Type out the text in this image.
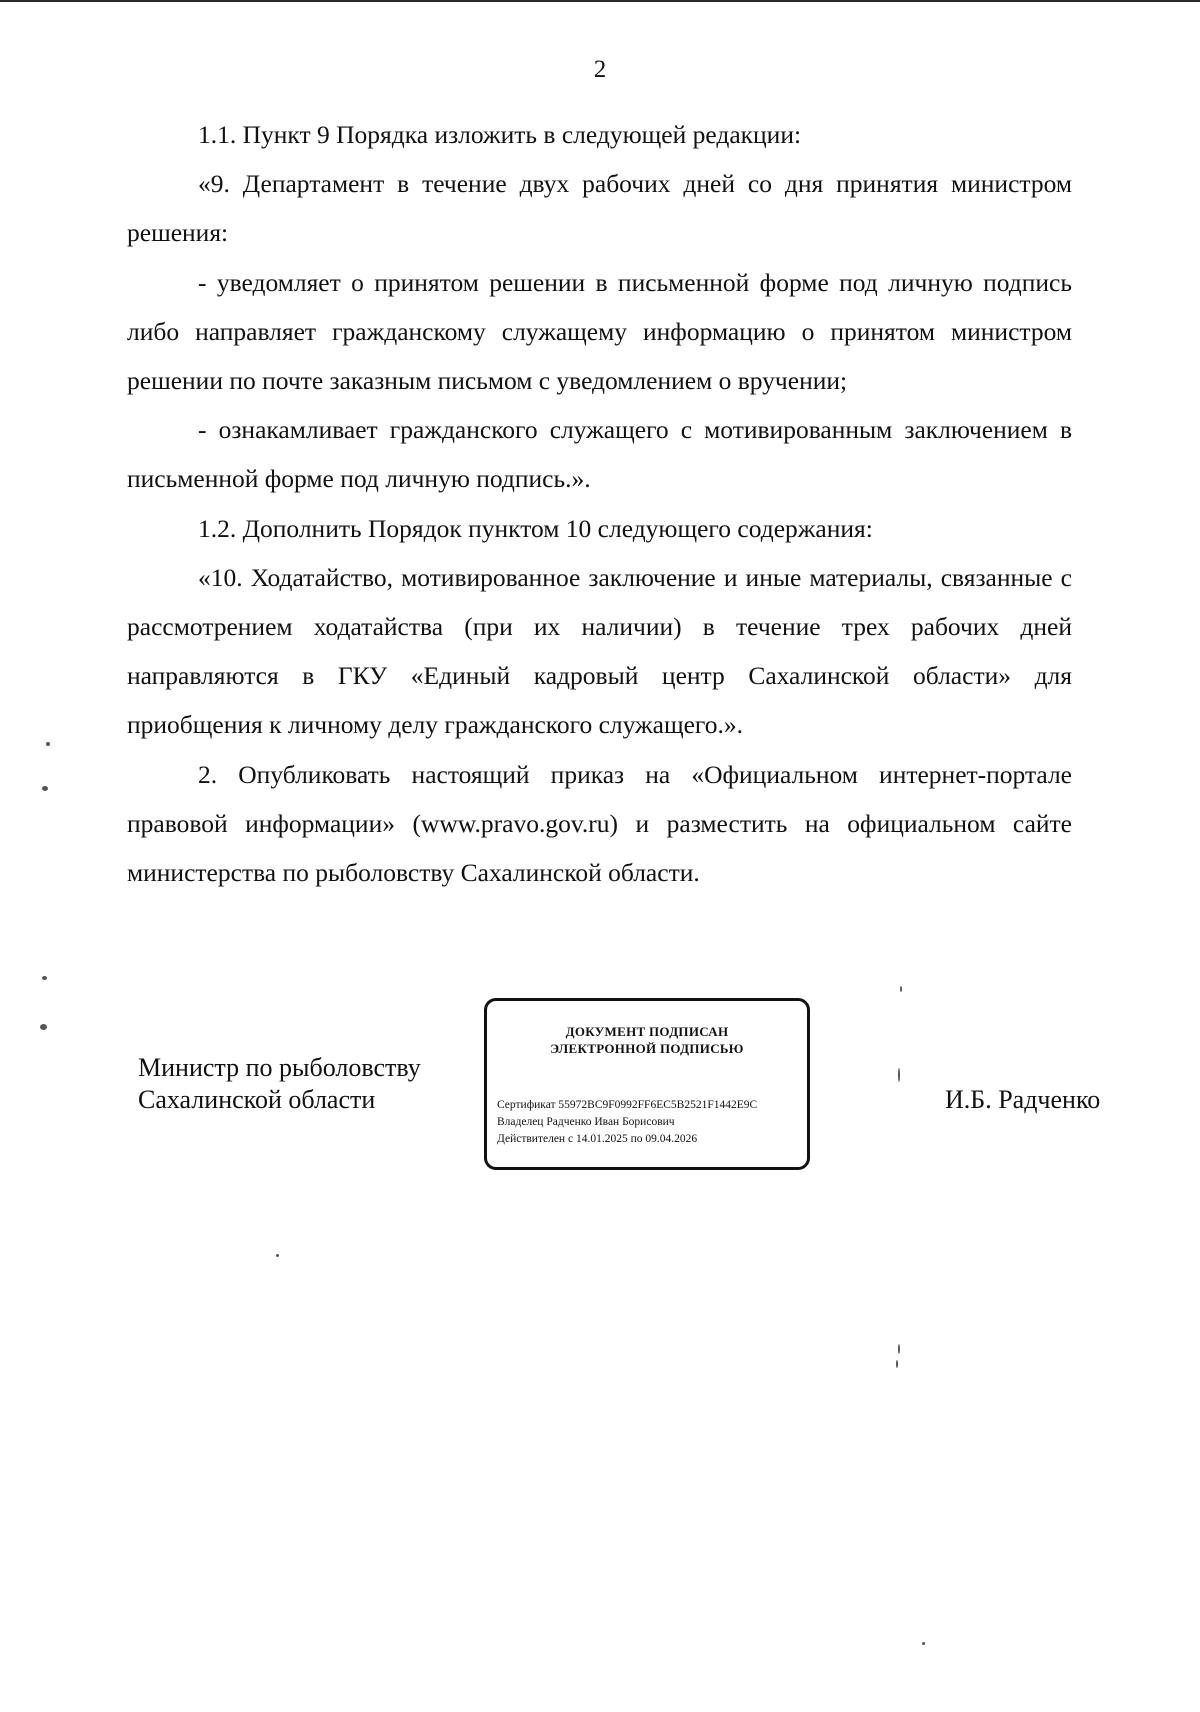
2

1.1. Пункт 9 Порядка изложить в следующей редакции:

«9. Департамент в течение двух рабочих дней со дня принятия министром решения:

- уведомляет о принятом решении в письменной форме под личную подпись либо направляет гражданскому служащему информацию о принятом министром решении по почте заказным письмом с уведомлением о вручении;

- ознакамливает гражданского служащего с мотивированным заключением в письменной форме под личную подпись.».

1.2. Дополнить Порядок пунктом 10 следующего содержания:

«10. Ходатайство, мотивированное заключение и иные материалы, связанные с рассмотрением ходатайства (при их наличии) в течение трех рабочих дней направляются в ГКУ «Единый кадровый центр Сахалинской области» для приобщения к личному делу гражданского служащего.».

2. Опубликовать настоящий приказ на «Официальном интернет-портале правовой информации» (www.pravo.gov.ru) и разместить на официальном сайте министерства по рыболовству Сахалинской области.

Министр по рыболовству
Сахалинской области
ДОКУМЕНТ ПОДПИСАН
ЭЛЕКТРОННОЙ ПОДПИСЬЮ
Сертификат 55972BC9F0992FF6EC5B2521F1442E9C
Владелец Радченко Иван Борисович
Действителен с 14.01.2025 по 09.04.2026
И.Б. Радченко
